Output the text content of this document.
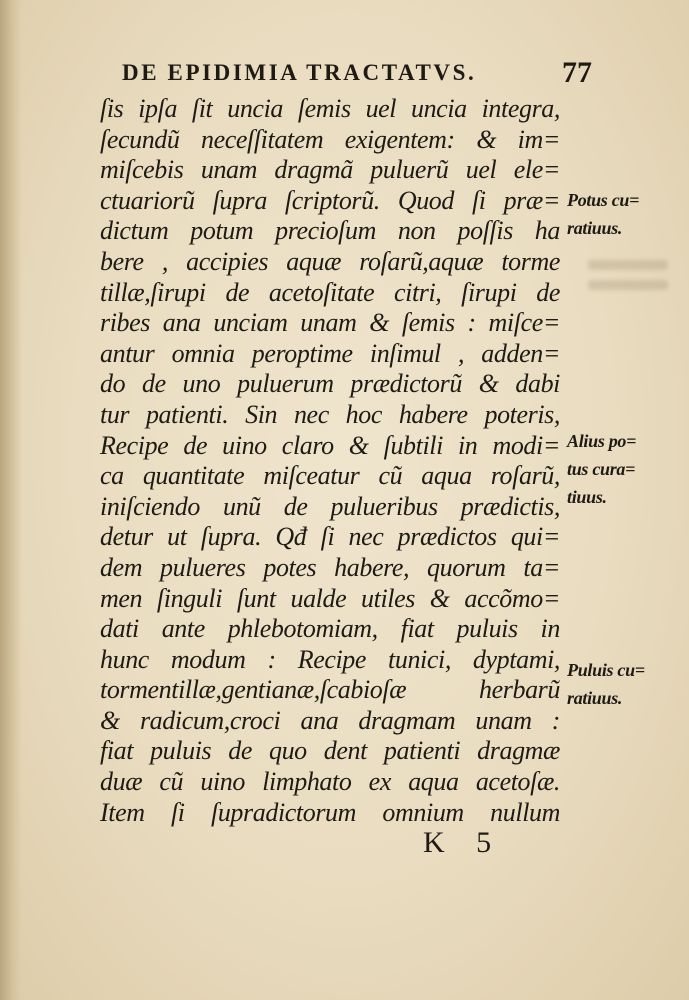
DE EPIDIMIA TRACTATVS.	77
ſis ipſa ſit uncia ſemis uel uncia integra,
ſecundũ neceſſitatem exigentem: & im=
miſcebis unam dragmã puluerũ uel ele=
ctuariorũ ſupra ſcriptorũ. Quod ſi præ=
dictum potum precioſum non poſſis ha
bere , accipies aquæ roſarũ,aquæ torme
tillæ,ſirupi de acetoſitate citri, ſirupi de
ribes ana unciam unam & ſemis : miſce=
antur omnia peroptime inſimul , adden=
do de uno puluerum prædictorũ & dabi
tur patienti. Sin nec hoc habere poteris,
Recipe de uino claro & ſubtili in modi=
ca quantitate miſceatur cũ aqua roſarũ,
iniſciendo unũ de pulueribus prædictis,
detur ut ſupra. Qđ ſi nec prædictos qui=
dem pulueres potes habere, quorum ta=
men ſinguli ſunt ualde utiles & accõmo=
dati ante phlebotomiam, fiat puluis in
hunc modum : Recipe tunici, dyptami,
tormentillæ,gentianæ,ſcabioſæ herbarũ
& radicum,croci ana dragmam unam :
fiat puluis de quo dent patienti dragmæ
duæ cũ uino limphato ex aqua acetoſæ.
Item ſi ſupradictorum omnium nullum
Potus cu=
ratiuus.
Alius po=
tus cura=
tiuus.
Puluis cu=
ratiuus.
K 5
